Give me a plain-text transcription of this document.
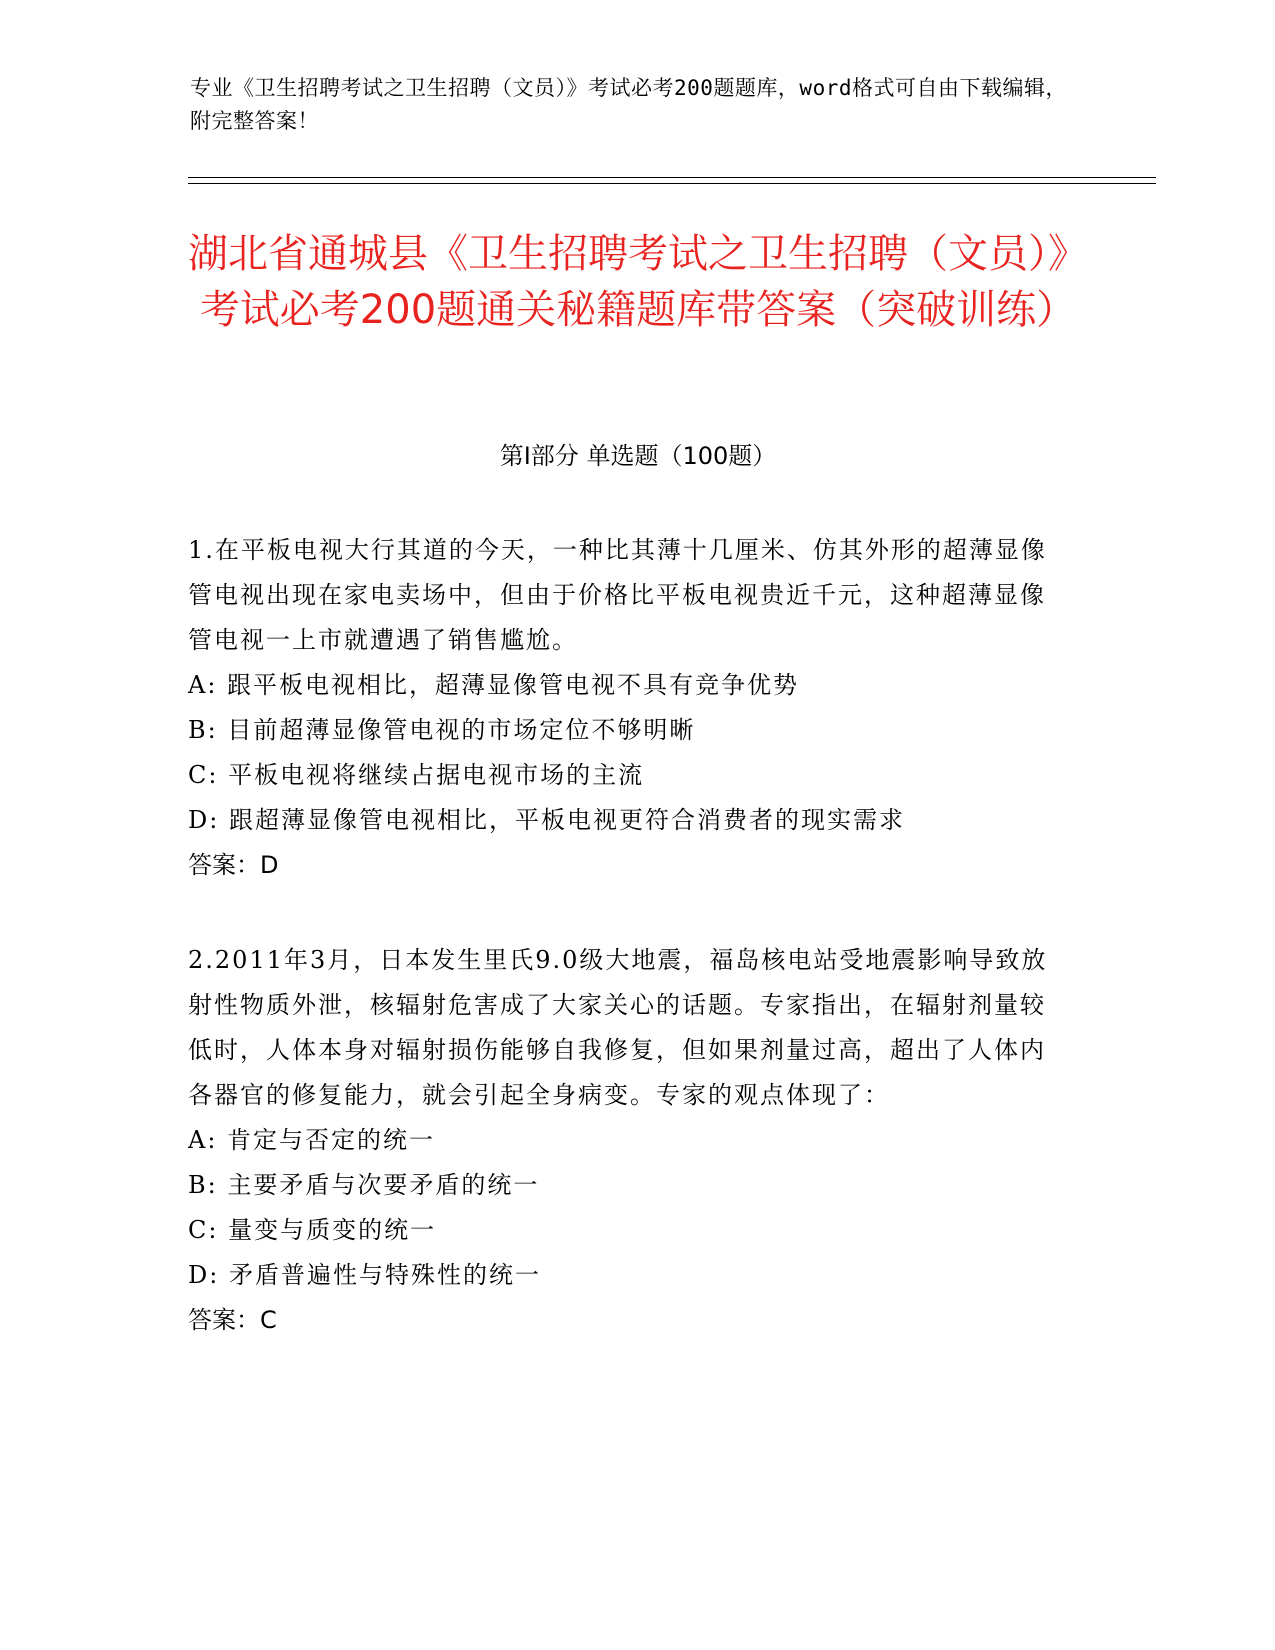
专业《卫生招聘考试之卫生招聘（文员）》考试必考200题题库，word格式可自由下载编辑，附完整答案！

湖北省通城县《卫生招聘考试之卫生招聘（文员）》考试必考200题通关秘籍题库带答案（突破训练）
第Ⅰ部分 单选题（100题）

1.在平板电视大行其道的今天，一种比其薄十几厘米、仿其外形的超薄显像管电视出现在家电卖场中，但由于价格比平板电视贵近千元，这种超薄显像管电视一上市就遭遇了销售尴尬。

A: 跟平板电视相比，超薄显像管电视不具有竞争优势

B: 目前超薄显像管电视的市场定位不够明晰

C: 平板电视将继续占据电视市场的主流

D: 跟超薄显像管电视相比，平板电视更符合消费者的现实需求

答案：D

2.2011年3月，日本发生里氏9.0级大地震，福岛核电站受地震影响导致放射性物质外泄，核辐射危害成了大家关心的话题。专家指出，在辐射剂量较低时，人体本身对辐射损伤能够自我修复，但如果剂量过高，超出了人体内各器官的修复能力，就会引起全身病变。专家的观点体现了：

A: 肯定与否定的统一

B: 主要矛盾与次要矛盾的统一

C: 量变与质变的统一

D: 矛盾普遍性与特殊性的统一

答案：C
